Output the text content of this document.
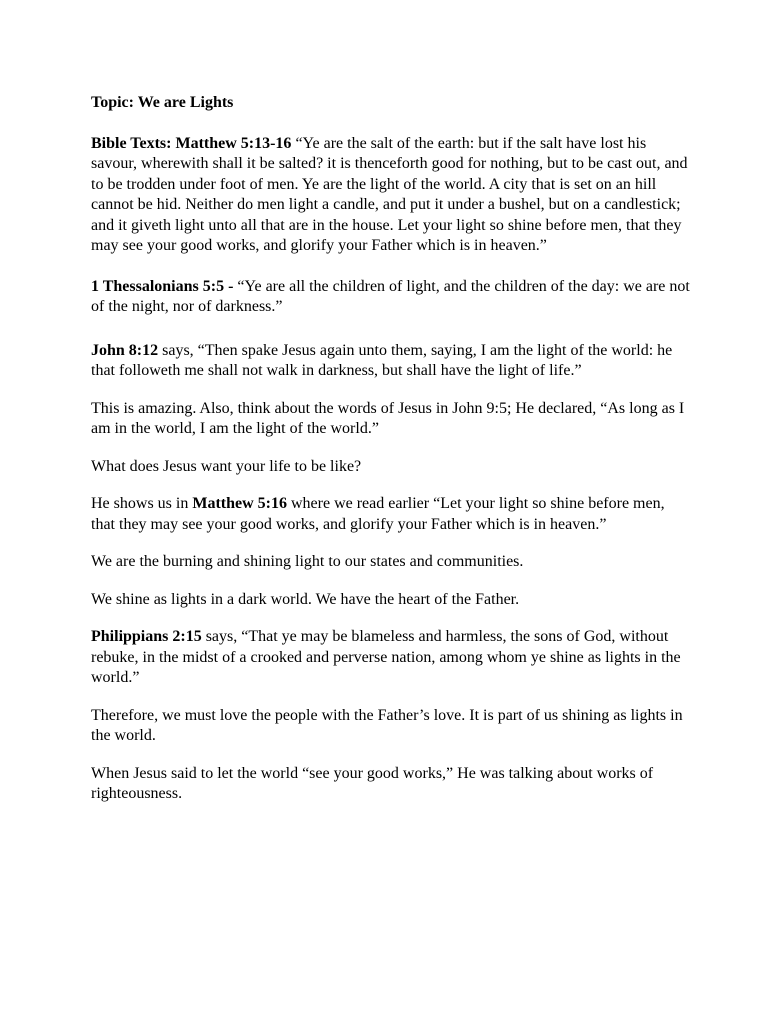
Topic: We are Lights

Bible Texts: Matthew 5:13-16 “Ye are the salt of the earth: but if the salt have lost his savour, wherewith shall it be salted? it is thenceforth good for nothing, but to be cast out, and to be trodden under foot of men. Ye are the light of the world. A city that is set on an hill cannot be hid. Neither do men light a candle, and put it under a bushel, but on a candlestick; and it giveth light unto all that are in the house. Let your light so shine before men, that they may see your good works, and glorify your Father which is in heaven.”

1 Thessalonians 5:5 - “Ye are all the children of light, and the children of the day: we are not of the night, nor of darkness.”

John 8:12 says, “Then spake Jesus again unto them, saying, I am the light of the world: he that followeth me shall not walk in darkness, but shall have the light of life.”

This is amazing. Also, think about the words of Jesus in John 9:5; He declared, “As long as I am in the world, I am the light of the world.”

What does Jesus want your life to be like?

He shows us in Matthew 5:16 where we read earlier “Let your light so shine before men, that they may see your good works, and glorify your Father which is in heaven.”

We are the burning and shining light to our states and communities.

We shine as lights in a dark world. We have the heart of the Father.

Philippians 2:15 says, “That ye may be blameless and harmless, the sons of God, without rebuke, in the midst of a crooked and perverse nation, among whom ye shine as lights in the world.”

Therefore, we must love the people with the Father’s love. It is part of us shining as lights in the world.

When Jesus said to let the world “see your good works,” He was talking about works of righteousness.
